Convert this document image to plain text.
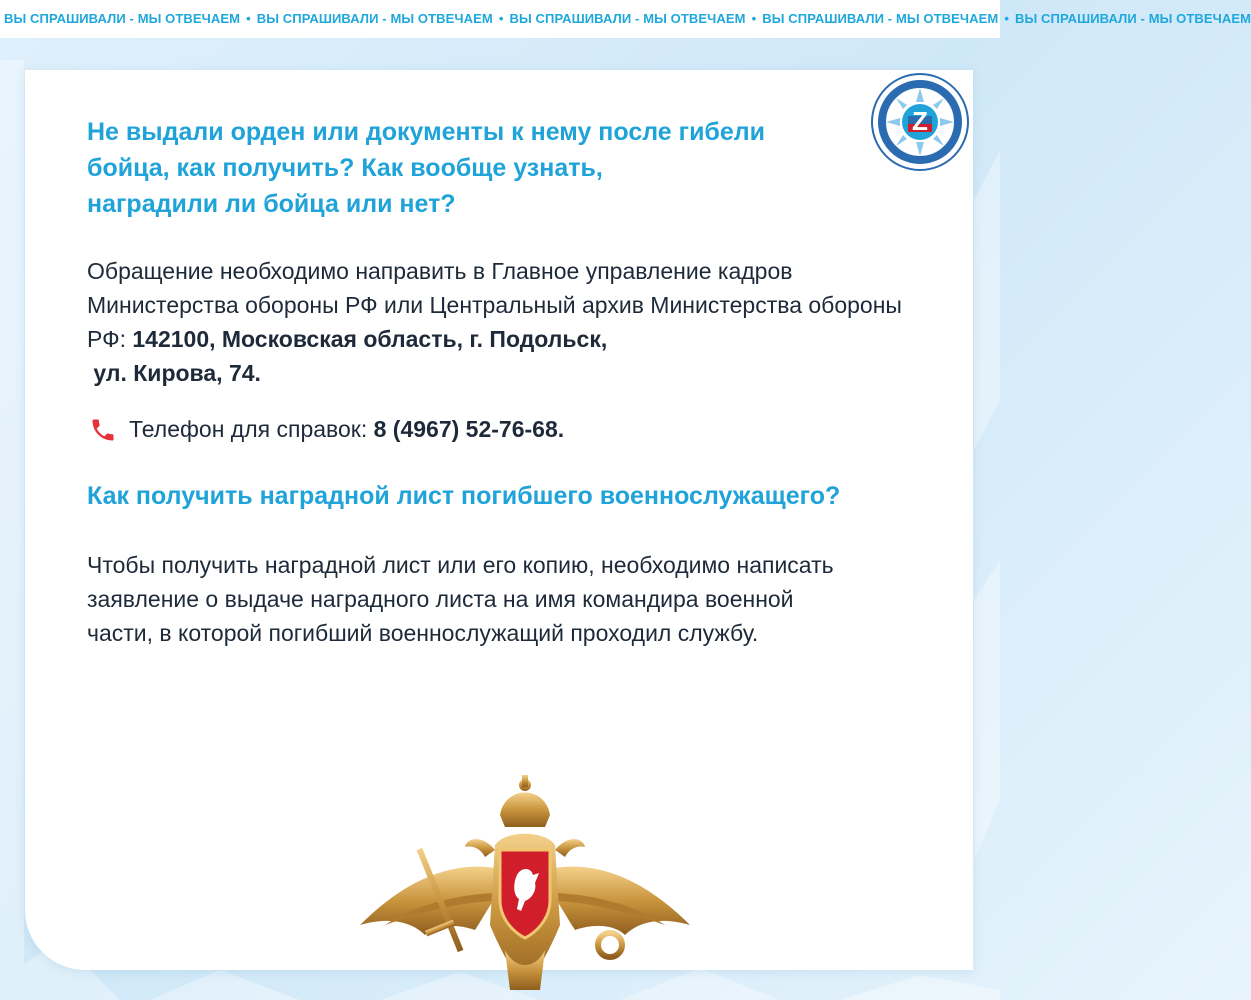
ВЫ СПРАШИВАЛИ - МЫ ОТВЕЧАЕМ • ВЫ СПРАШИВАЛИ - МЫ ОТВЕЧАЕМ • ВЫ СПРАШИВАЛИ - МЫ ОТВЕЧАЕМ • ВЫ СПРАШИВАЛИ - МЫ ОТВЕЧАЕМ • ВЫ СПРАШИВАЛИ - МЫ ОТВЕЧАЕМ
Не выдали орден или документы к нему после гибели
бойца, как получить? Как вообще узнать,
наградили ли бойца или нет?

Обращение необходимо направить в Главное управление кадров Министерства обороны РФ или Центральный архив Министерства обороны РФ: 142100, Московская область, г. Подольск,
ул. Кирова, 74.

Телефон для справок: 8 (4967) 52-76-68.
Как получить наградной лист погибшего военнослужащего?

Чтобы получить наградной лист или его копию, необходимо написать
заявление о выдаче наградного листа на имя командира военной
части, в которой погибший военнослужащий проходил службу.

Z
